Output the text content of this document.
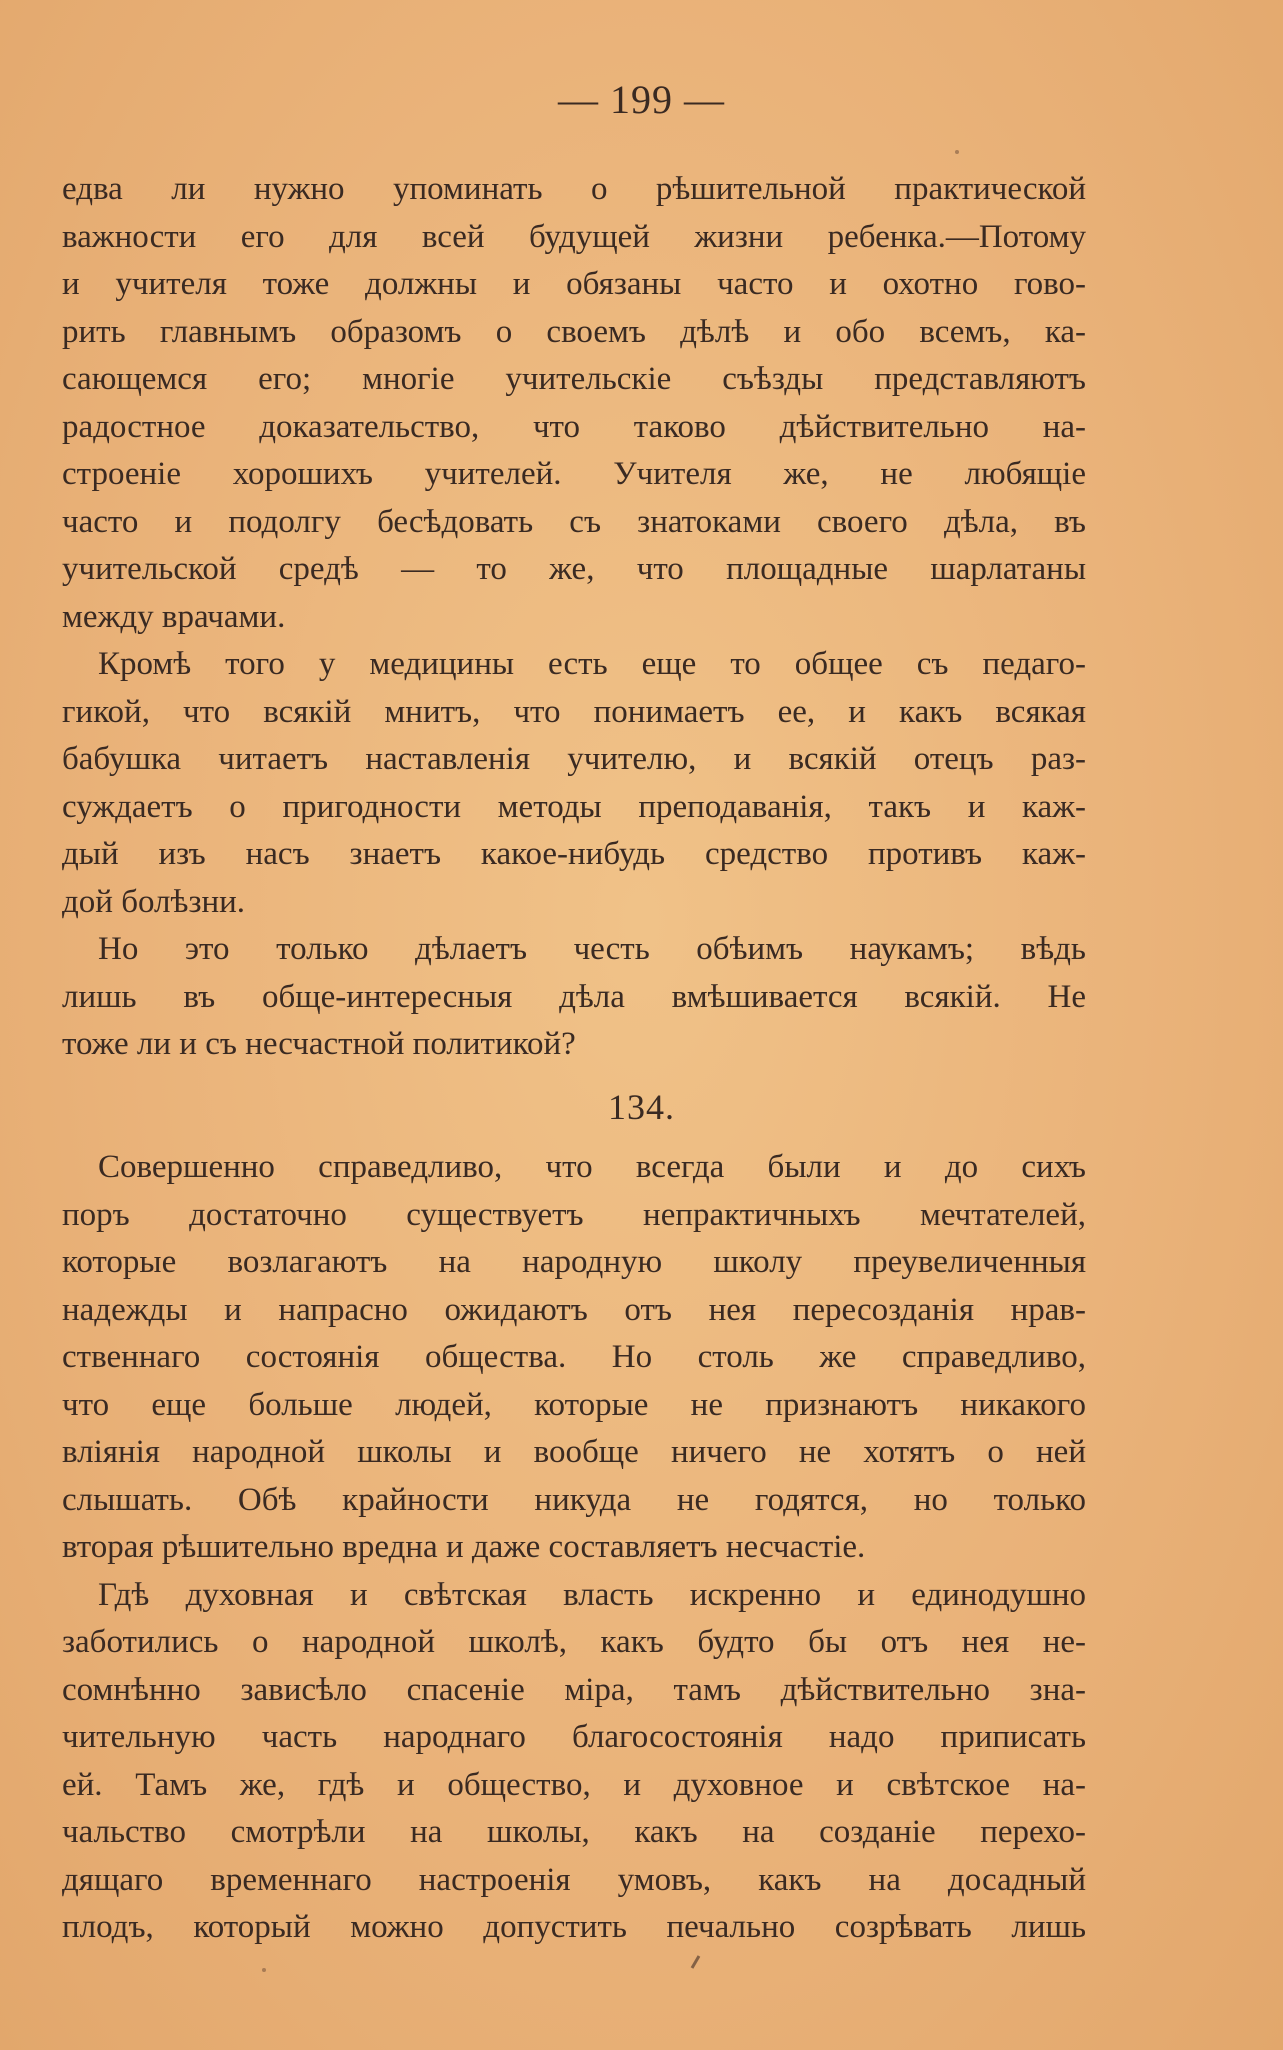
— 199 —
едва ли нужно упоминать о рѣшительной практической
важности его для всей будущей жизни ребенка.—Потому
и учителя тоже должны и обязаны часто и охотно гово-
рить главнымъ образомъ о своемъ дѣлѣ и обо всемъ, ка-
сающемся его; многіе учительскіе съѣзды представляютъ
радостное доказательство, что таково дѣйствительно на-
строеніе хорошихъ учителей. Учителя же, не любящіе
часто и подолгу бесѣдовать съ знатоками своего дѣла, въ
учительской средѣ — то же, что площадные шарлатаны
между врачами.
Кромѣ того у медицины есть еще то общее съ педаго-
гикой, что всякій мнитъ, что понимаетъ ее, и какъ всякая
бабушка читаетъ наставленія учителю, и всякій отецъ раз-
суждаетъ о пригодности методы преподаванія, такъ и каж-
дый изъ насъ знаетъ какое-нибудь средство противъ каж-
дой болѣзни.
Но это только дѣлаетъ честь обѣимъ наукамъ; вѣдь
лишь въ обще-интересныя дѣла вмѣшивается всякій. Не
тоже ли и съ несчастной политикой?
134.
Совершенно справедливо, что всегда были и до сихъ
поръ достаточно существуетъ непрактичныхъ мечтателей,
которые возлагаютъ на народную школу преувеличенныя
надежды и напрасно ожидаютъ отъ нея пересозданія нрав-
ственнаго состоянія общества. Но столь же справедливо,
что еще больше людей, которые не признаютъ никакого
вліянія народной школы и вообще ничего не хотятъ о ней
слышать. Обѣ крайности никуда не годятся, но только
вторая рѣшительно вредна и даже составляетъ несчастіе.
Гдѣ духовная и свѣтская власть искренно и единодушно
заботились о народной школѣ, какъ будто бы отъ нея не-
сомнѣнно зависѣло спасеніе міра, тамъ дѣйствительно зна-
чительную часть народнаго благосостоянія надо приписать
ей. Тамъ же, гдѣ и общество, и духовное и свѣтское на-
чальство смотрѣли на школы, какъ на созданіе перехо-
дящаго временнаго настроенія умовъ, какъ на досадный
плодъ, который можно допустить печально созрѣвать лишь
